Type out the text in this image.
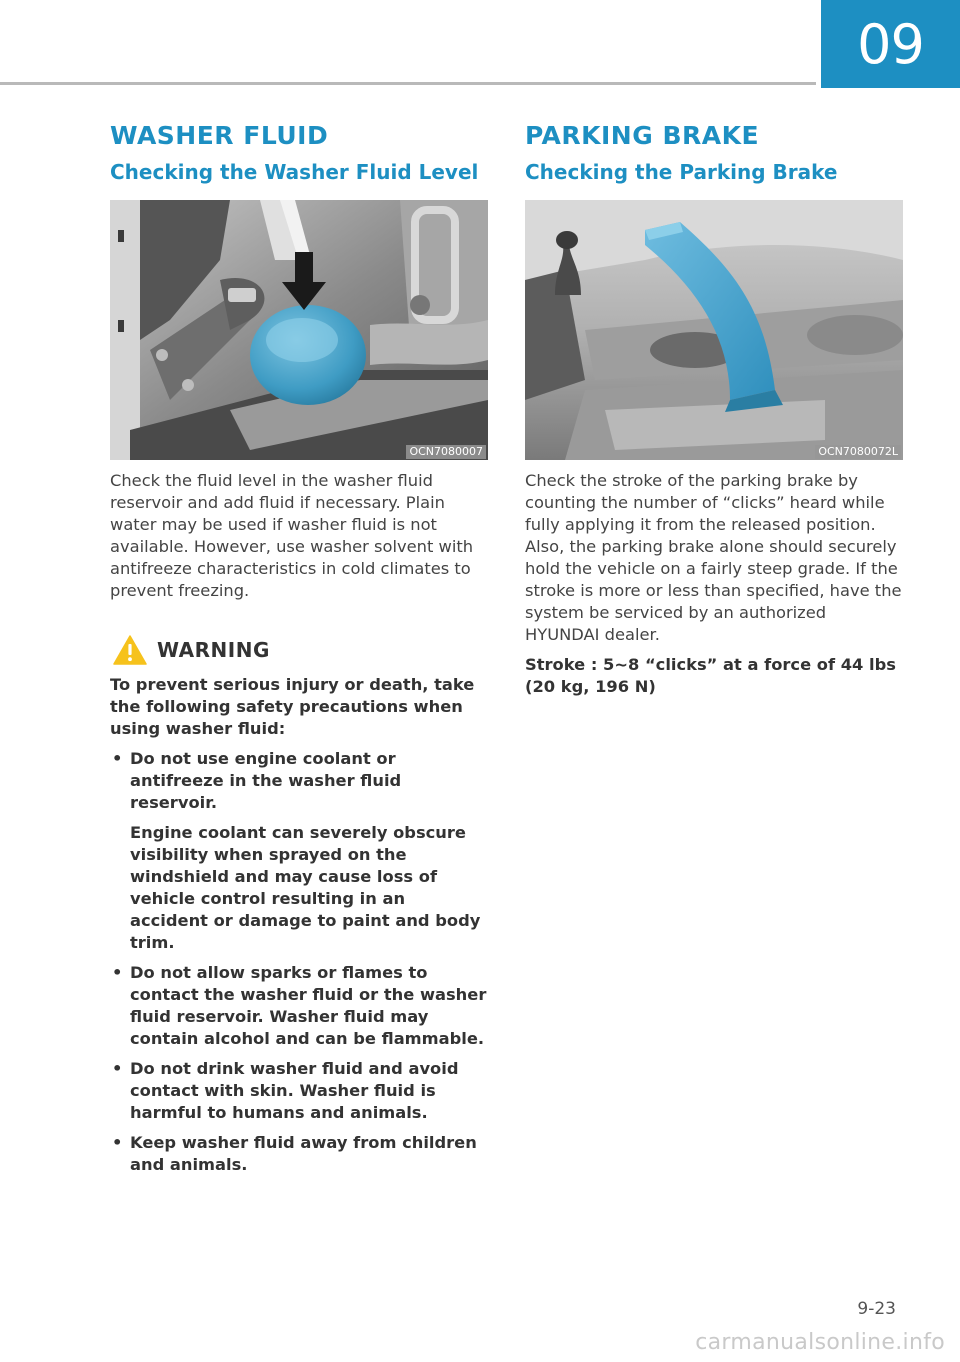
09
WASHER FLUID
Checking the Washer Fluid Level
OCN7080007

Check the fluid level in the washer fluid reservoir and add fluid if necessary. Plain water may be used if washer fluid is not available. However, use washer solvent with antifreeze characteristics in cold climates to prevent freezing.

WARNING

To prevent serious injury or death, take the following safety precautions when using washer fluid:

• Do not use engine coolant or antifreeze in the washer fluid reservoir.
Engine coolant can severely obscure visibility when sprayed on the windshield and may cause loss of vehicle control resulting in an accident or damage to paint and body trim.
• Do not allow sparks or flames to contact the washer fluid or the washer fluid reservoir. Washer fluid may contain alcohol and can be flammable.
• Do not drink washer fluid and avoid contact with skin. Washer fluid is harmful to humans and animals.
• Keep washer fluid away from children and animals.
PARKING BRAKE
Checking the Parking Brake
OCN7080072L

Check the stroke of the parking brake by counting the number of “clicks” heard while fully applying it from the released position. Also, the parking brake alone should securely hold the vehicle on a fairly steep grade. If the stroke is more or less than specified, have the system be serviced by an authorized HYUNDAI dealer.

Stroke : 5~8 “clicks” at a force of 44 lbs (20 kg, 196 N)

9-23
carmanualsonline.info
